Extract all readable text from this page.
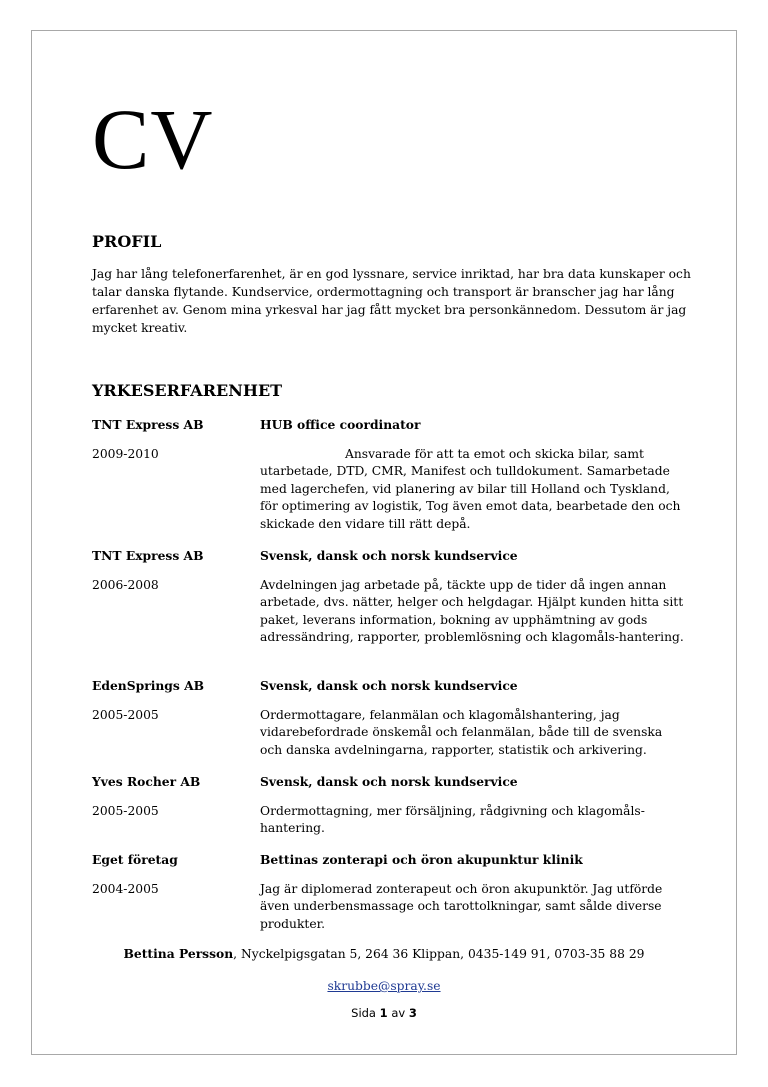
CV
PROFIL

Jag har lång telefonerfarenhet, är en god lyssnare, service inriktad, har bra data kunskaper och talar danska flytande. Kundservice, ordermottagning och transport är branscher jag har lång erfarenhet av. Genom mina yrkesval har jag fått mycket bra personkännedom. Dessutom är jag mycket kreativ.

YRKESERFARENHET
TNT Express AB	HUB office coordinator
2009-2010	Ansvarade för att ta emot och skicka bilar, samt utarbetade, DTD, CMR, Manifest och tulldokument. Samarbetade med lagerchefen, vid planering av bilar till Holland och Tyskland, för optimering av logistik, Tog även emot data, bearbetade den och skickade den vidare till rätt depå.
TNT Express AB	Svensk, dansk och norsk kundservice
2006-2008	Avdelningen jag arbetade på, täckte upp de tider då ingen annan arbetade, dvs. nätter, helger och helgdagar. Hjälpt kunden hitta sitt paket, leverans information, bokning av upphämtning av gods adressändring, rapporter, problemlösning och klagomåls-hantering.
EdenSprings AB	Svensk, dansk och norsk kundservice
2005-2005	Ordermottagare, felanmälan och klagomålshantering, jag vidarebefordrade önskemål och felanmälan, både till de svenska och danska avdelningarna, rapporter, statistik och arkivering.
Yves Rocher AB	Svensk, dansk och norsk kundservice
2005-2005	Ordermottagning, mer försäljning, rådgivning och klagomåls-hantering.
Eget företag	Bettinas zonterapi och öron akupunktur klinik
2004-2005	Jag är diplomerad zonterapeut och öron akupunktör. Jag utförde även underbensmassage och tarottolkningar, samt sålde diverse produkter.
Bettina Persson, Nyckelpigsgatan 5, 264 36 Klippan, 0435-149 91, 0703-35 88 29
skrubbe@spray.se
Sida 1 av 3
